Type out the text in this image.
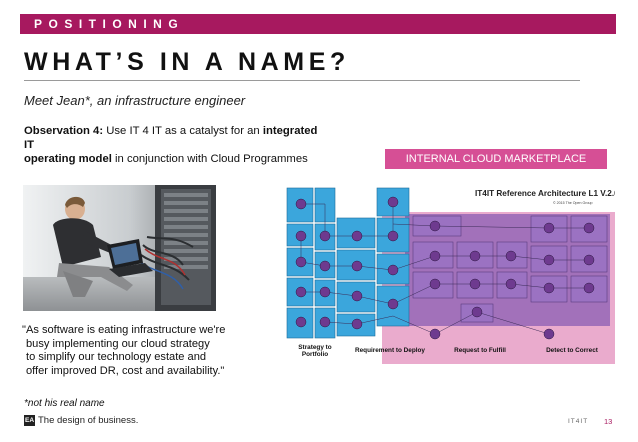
POSITIONING
WHAT’S IN A NAME?
Meet Jean*, an infrastructure engineer
Observation 4: Use IT 4 IT as a catalyst for an integrated IT
operating model in conjunction with Cloud Programmes
"As software is eating infrastructure we're
busy implementing our cloud strategy
to simplify our technology estate and
offer improved DR, cost and availability."
*not his real name
INTERNAL CLOUD MARKETPLACE
IT4IT Reference Architecture L1 V.2.0
© 2015 The Open Group
Strategy to
Portfolio
Requirement to Deploy	Request to Fulfill	Detect to Correct
EA The design of business.	IT4IT 13
